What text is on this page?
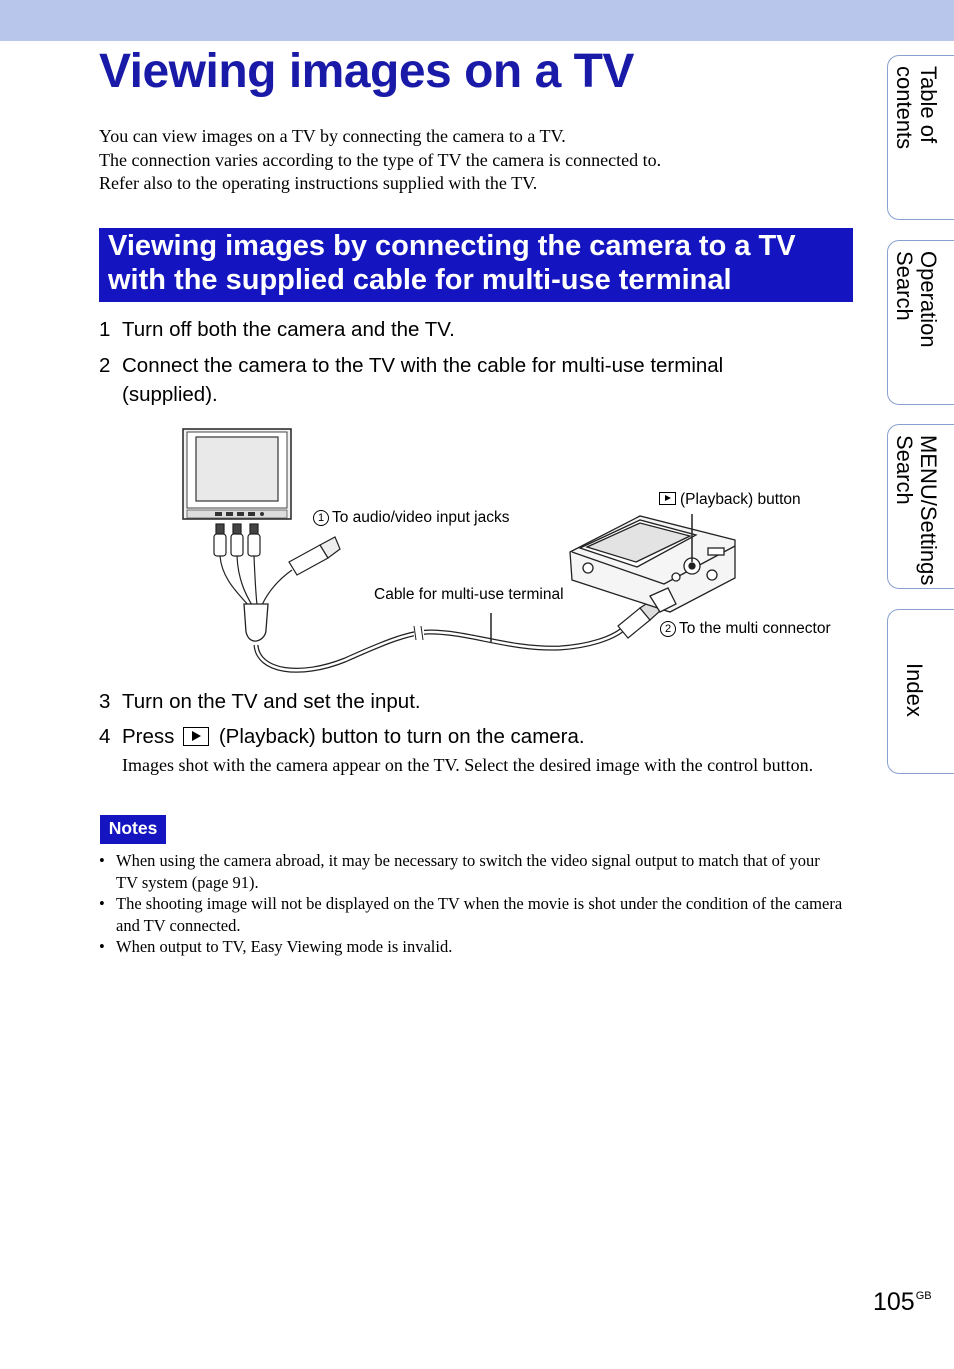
Viewing images on a TV
You can view images on a TV by connecting the camera to a TV.
The connection varies according to the type of TV the camera is connected to.
Refer also to the operating instructions supplied with the TV.
Viewing images by connecting the camera to a TV
with the supplied cable for multi-use terminal
1 Turn off both the camera and the TV.
2 Connect the camera to the TV with the cable for multi-use terminal (supplied).
1 To audio/video input jacks
(Playback) button
Cable for multi-use terminal
2 To the multi connector
3 Turn on the TV and set the input.
4 Press (Playback) button to turn on the camera.
Images shot with the camera appear on the TV. Select the desired image with the control button.
Notes
• When using the camera abroad, it may be necessary to switch the video signal output to match that of your TV system (page 91).
• The shooting image will not be displayed on the TV when the movie is shot under the condition of the camera and TV connected.
• When output to TV, Easy Viewing mode is invalid.
Table of
contents
Operation
Search
MENU/Settings
Search
Index
$105^{GB}$
